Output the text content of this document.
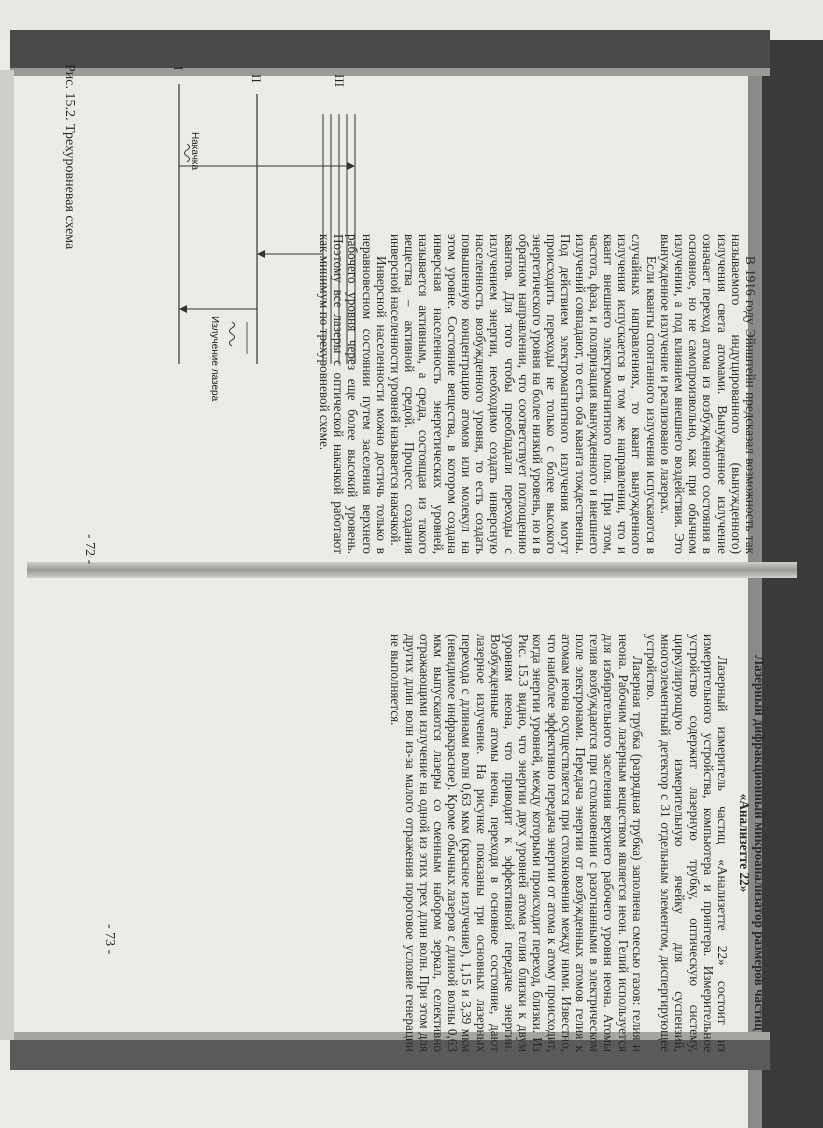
В 1916 году Эйнштейн предсказал возможность так называемого индуцированного (вынужденного) излучения света атомами. Вынужденное излучение означает переход атома из возбужденного состояния в основное, но не самопроизвольно, как при обычном излучении, а под влиянием внешнего воздействия. Это вынужденное излучение и реализовано в лазерах.

Если кванты спонтанного излучения испускаются в случайных направлениях, то квант вынужденного излучения испускается в том же направлении, что и квант внешнего электромагнитного поля. При этом, частота, фаза, и поляризация вынужденного и внешнего излучений совпадают, то есть оба кванта тождественны. Под действием электромагнитного излучения могут происходить переходы не только с более высокого энергетического уровня на более низкий уровень, но и в обратном направлении, что соответствует поглощению квантов. Для того чтобы преобладали переходы с излучением энергии, необходимо создать инверсную населенность возбужденного уровня, то есть создать повышенную концентрацию атомов или молекул на этом уровне. Состояние вещества, в котором создана инверсная населенность энергетических уровней, называется активным, а среда, состоящая из такого вещества – активной средой. Процесс создания инверсной населенности уровней называется накачкой.

Инверсной населенности можно достичь только в неравновесном состоянии путем заселения верхнего рабочего уровня через еще более высокий уровень. Поэтому все лазеры с оптической накачкой работают как минимум по трехуровневой схеме.

III
II
I
Накачка
Излучение лазера
Рис. 15.2. Трехуровневая схема
- 72 -
Лазерный дифракционный микроанализатор размеров частиц «Анализетте 22»

Лазерный измеритель частиц «Анализетте 22» состоит из измерительного устройства, компьютера и принтера. Измерительное устройство содержит лазерную трубку, оптическую систему, циркулирующую измерительную ячейку для суспензий, многоэлементный детектор с 31 отдельным элементом, диспергирующее устройство.

Лазерная трубка (разрядная трубка) заполнена смесью газов: гелия и неона. Рабочим лазерным веществом является неон. Гелий используется для избирательного заселения верхнего рабочего уровня неона. Атомы гелия возбуждаются при столкновении с разогнанными в электрическом поле электронами. Передача энергии от возбужденных атомов гелия к атомам неона осуществляется при столкновении между ними. Известно, что наиболее эффективно передача энергии от атома к атому происходит, когда энергии уровней, между которыми происходит переход, близки. Из Рис. 15.3 видно, что энергии двух уровней атома гелия близки к двум уровням неона, что приводит к эффективной передаче энергии. Возбужденные атомы неона, переходя в основное состояние, дают лазерное излучение. На рисунке показаны три основных лазерных перехода с длинами волн 0,63 мкм (красное излучение), 1,15 и 3,39 мкм (невидимое инфракрасное). Кроме обычных лазеров с длиной волны 0,63 мкм выпускаются лазеры со сменным набором зеркал, селективно отражающими излучение на одной из этих трех длин волн. При этом для других длин волн из-за малого отражения пороговое условие генерации не выполняется.

- 73 -
